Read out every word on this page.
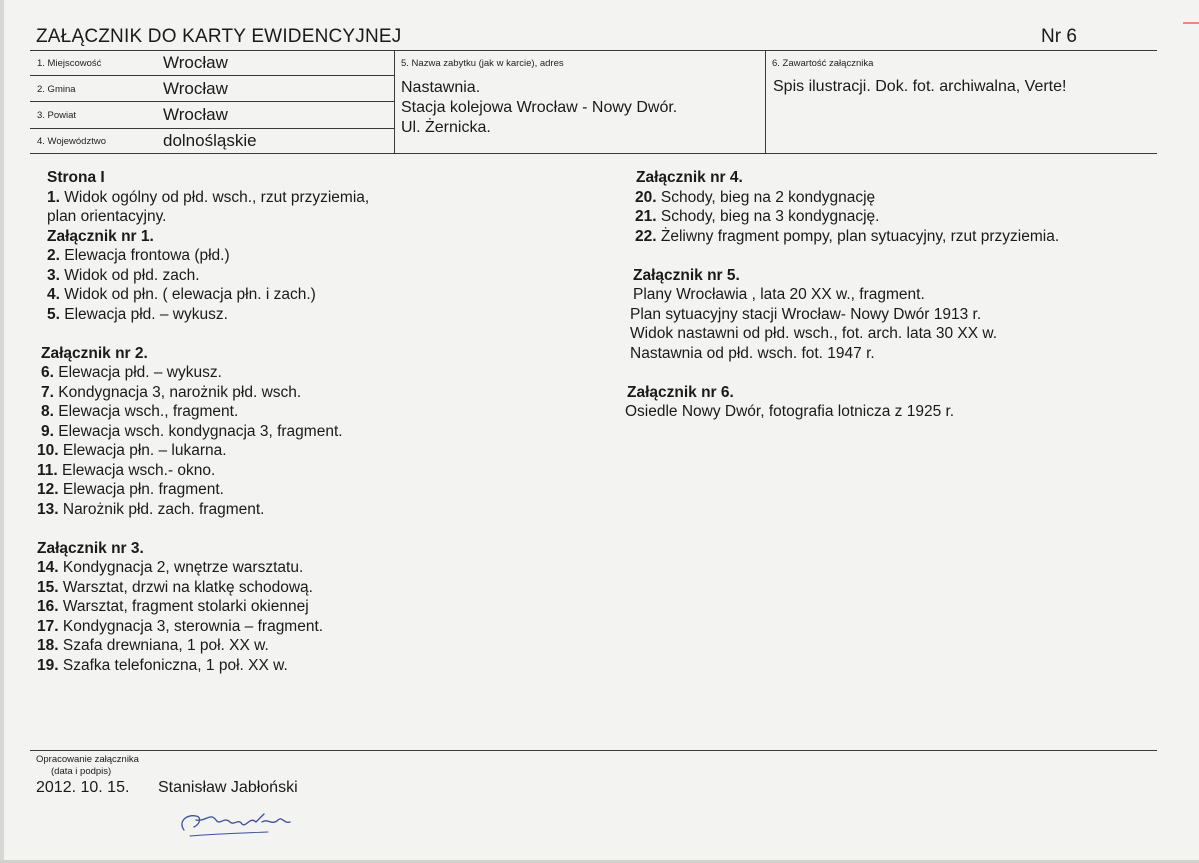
ZAŁĄCZNIK DO KARTY EWIDENCYJNEJ	Nr 6
1. Miejscowość	Wrocław
2. Gmina	Wrocław
3. Powiat	Wrocław
4. Województwo	dolnośląskie
5. Nazwa zabytku (jak w karcie), adres
Nastawnia.
Stacja kolejowa Wrocław - Nowy Dwór.
Ul. Żernicka.
6. Zawartość załącznika
Spis ilustracji. Dok. fot. archiwalna, Verte!
Strona I
1. Widok ogólny od płd. wsch., rzut przyziemia,
plan orientacyjny.
Załącznik nr 1.
2. Elewacja frontowa (płd.)
3. Widok od płd. zach.
4. Widok od płn. ( elewacja płn. i zach.)
5. Elewacja płd. – wykusz.
Załącznik nr 2.
6. Elewacja płd. – wykusz.
7. Kondygnacja 3, narożnik płd. wsch.
8. Elewacja wsch., fragment.
9. Elewacja wsch. kondygnacja 3, fragment.
10. Elewacja płn. – lukarna.
11. Elewacja wsch.- okno.
12. Elewacja płn. fragment.
13. Narożnik płd. zach. fragment.
Załącznik nr 3.
14. Kondygnacja 2, wnętrze warsztatu.
15. Warsztat, drzwi na klatkę schodową.
16. Warsztat, fragment stolarki okiennej
17. Kondygnacja 3, sterownia – fragment.
18. Szafa drewniana, 1 poł. XX w.
19. Szafka telefoniczna, 1 poł. XX w.
Załącznik nr 4.
20. Schody, bieg na 2 kondygnację
21. Schody, bieg na 3 kondygnację.
22. Żeliwny fragment pompy, plan sytuacyjny, rzut przyziemia.
Załącznik nr 5.
Plany Wrocławia , lata 20 XX w., fragment.
Plan sytuacyjny stacji Wrocław- Nowy Dwór 1913 r.
Widok nastawni od płd. wsch., fot. arch. lata 30 XX w.
Nastawnia od płd. wsch. fot. 1947 r.
Załącznik nr 6.
Osiedle Nowy Dwór, fotografia lotnicza z 1925 r.
Opracowanie załącznika
(data i podpis)
2012. 10. 15. Stanisław Jabłoński
